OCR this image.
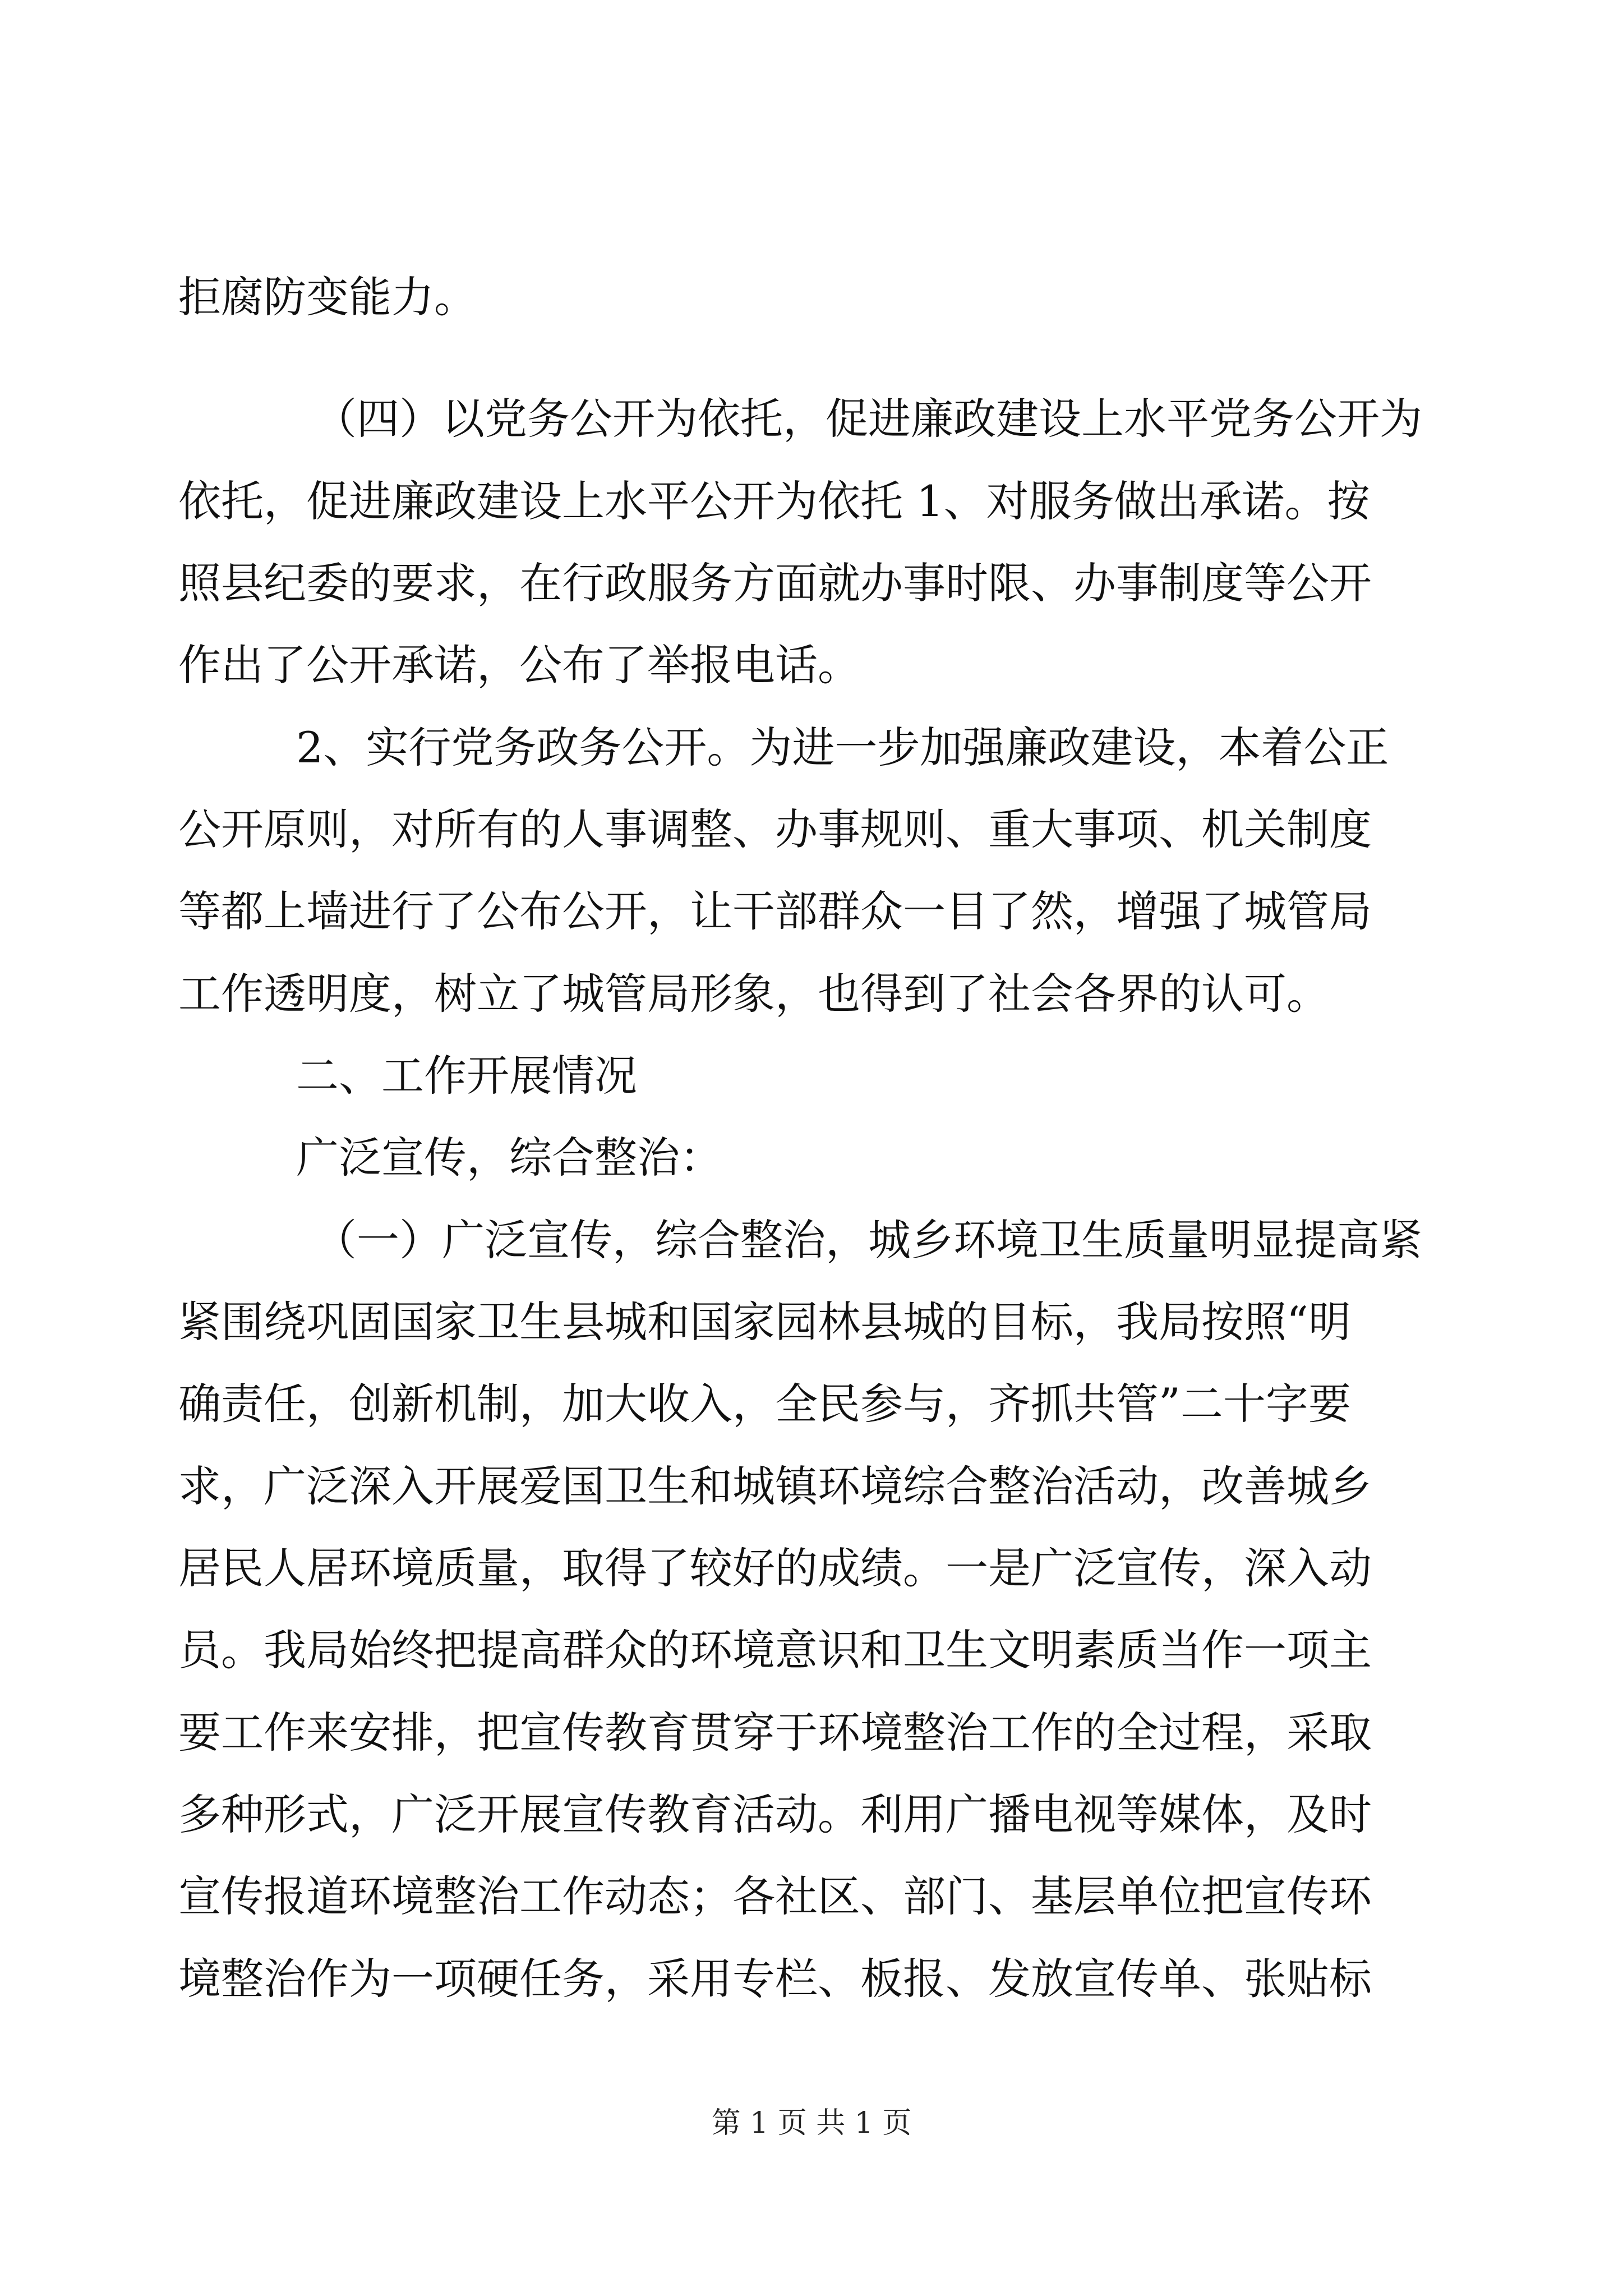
拒腐防变能力。
（四）以党务公开为依托，促进廉政建设上水平党务公开为
依托，促进廉政建设上水平公开为依托 1、对服务做出承诺。按
照县纪委的要求，在行政服务方面就办事时限、办事制度等公开
作出了公开承诺，公布了举报电话。
2、实行党务政务公开。为进一步加强廉政建设，本着公正
公开原则，对所有的人事调整、办事规则、重大事项、机关制度
等都上墙进行了公布公开，让干部群众一目了然，增强了城管局
工作透明度，树立了城管局形象，也得到了社会各界的认可。
二、工作开展情况
广泛宣传，综合整治：
（一）广泛宣传，综合整治，城乡环境卫生质量明显提高紧
紧围绕巩固国家卫生县城和国家园林县城的目标，我局按照“明
确责任，创新机制，加大收入，全民参与，齐抓共管”二十字要
求，广泛深入开展爱国卫生和城镇环境综合整治活动，改善城乡
居民人居环境质量，取得了较好的成绩。一是广泛宣传，深入动
员。我局始终把提高群众的环境意识和卫生文明素质当作一项主
要工作来安排，把宣传教育贯穿于环境整治工作的全过程，采取
多种形式，广泛开展宣传教育活动。利用广播电视等媒体，及时
宣传报道环境整治工作动态；各社区、部门、基层单位把宣传环
境整治作为一项硬任务，采用专栏、板报、发放宣传单、张贴标
第 1 页 共 1 页
